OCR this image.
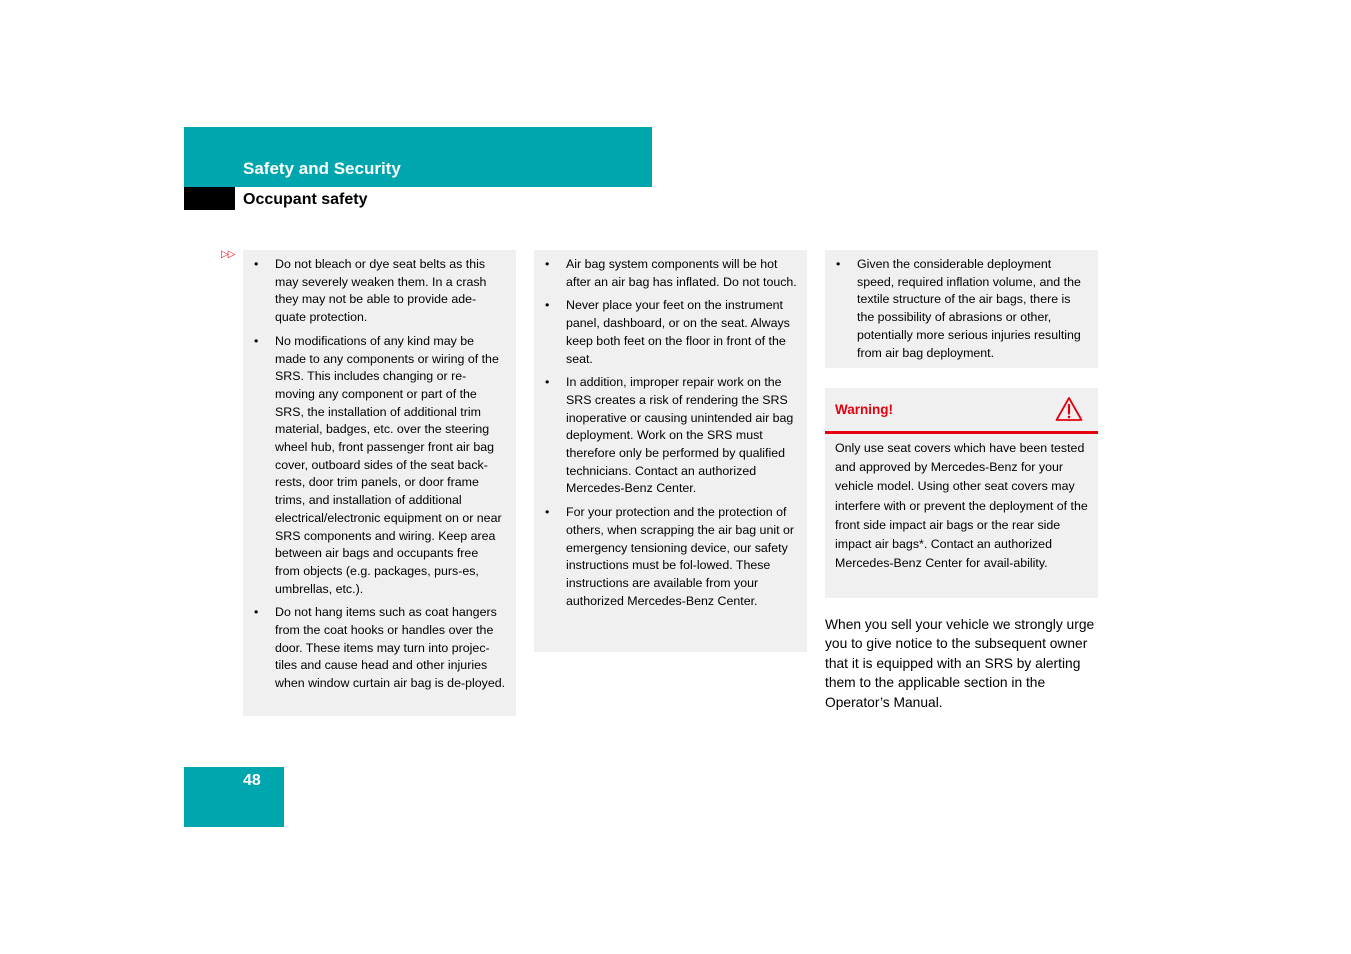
Safety and Security
Occupant safety
▷▷
• Do not bleach or dye seat belts as this may severely weaken them. In a crash they may not be able to provide ade-quate protection.
• No modifications of any kind may be made to any components or wiring of the SRS. This includes changing or re-moving any component or part of the SRS, the installation of additional trim material, badges, etc. over the steering wheel hub, front passenger front air bag cover, outboard sides of the seat back-rests, door trim panels, or door frame trims, and installation of additional electrical/electronic equipment on or near SRS components and wiring. Keep area between air bags and occupants free from objects (e.g. packages, purs-es, umbrellas, etc.).
• Do not hang items such as coat hangers from the coat hooks or handles over the door. These items may turn into projec-tiles and cause head and other injuries when window curtain air bag is de-ployed.
• Air bag system components will be hot after an air bag has inflated. Do not touch.
• Never place your feet on the instrument panel, dashboard, or on the seat. Always keep both feet on the floor in front of the seat.
• In addition, improper repair work on the SRS creates a risk of rendering the SRS inoperative or causing unintended air bag deployment. Work on the SRS must therefore only be performed by qualified technicians. Contact an authorized Mercedes-Benz Center.
• For your protection and the protection of others, when scrapping the air bag unit or emergency tensioning device, our safety instructions must be fol-lowed. These instructions are available from your authorized Mercedes-Benz Center.
• Given the considerable deployment speed, required inflation volume, and the textile structure of the air bags, there is the possibility of abrasions or other, potentially more serious injuries resulting from air bag deployment.
Warning!
Only use seat covers which have been tested and approved by Mercedes-Benz for your vehicle model. Using other seat covers may interfere with or prevent the deployment of the front side impact air bags or the rear side impact air bags*. Contact an authorized Mercedes-Benz Center for avail-ability.
When you sell your vehicle we strongly urge you to give notice to the subsequent owner that it is equipped with an SRS by alerting them to the applicable section in the Operator’s Manual.
48
